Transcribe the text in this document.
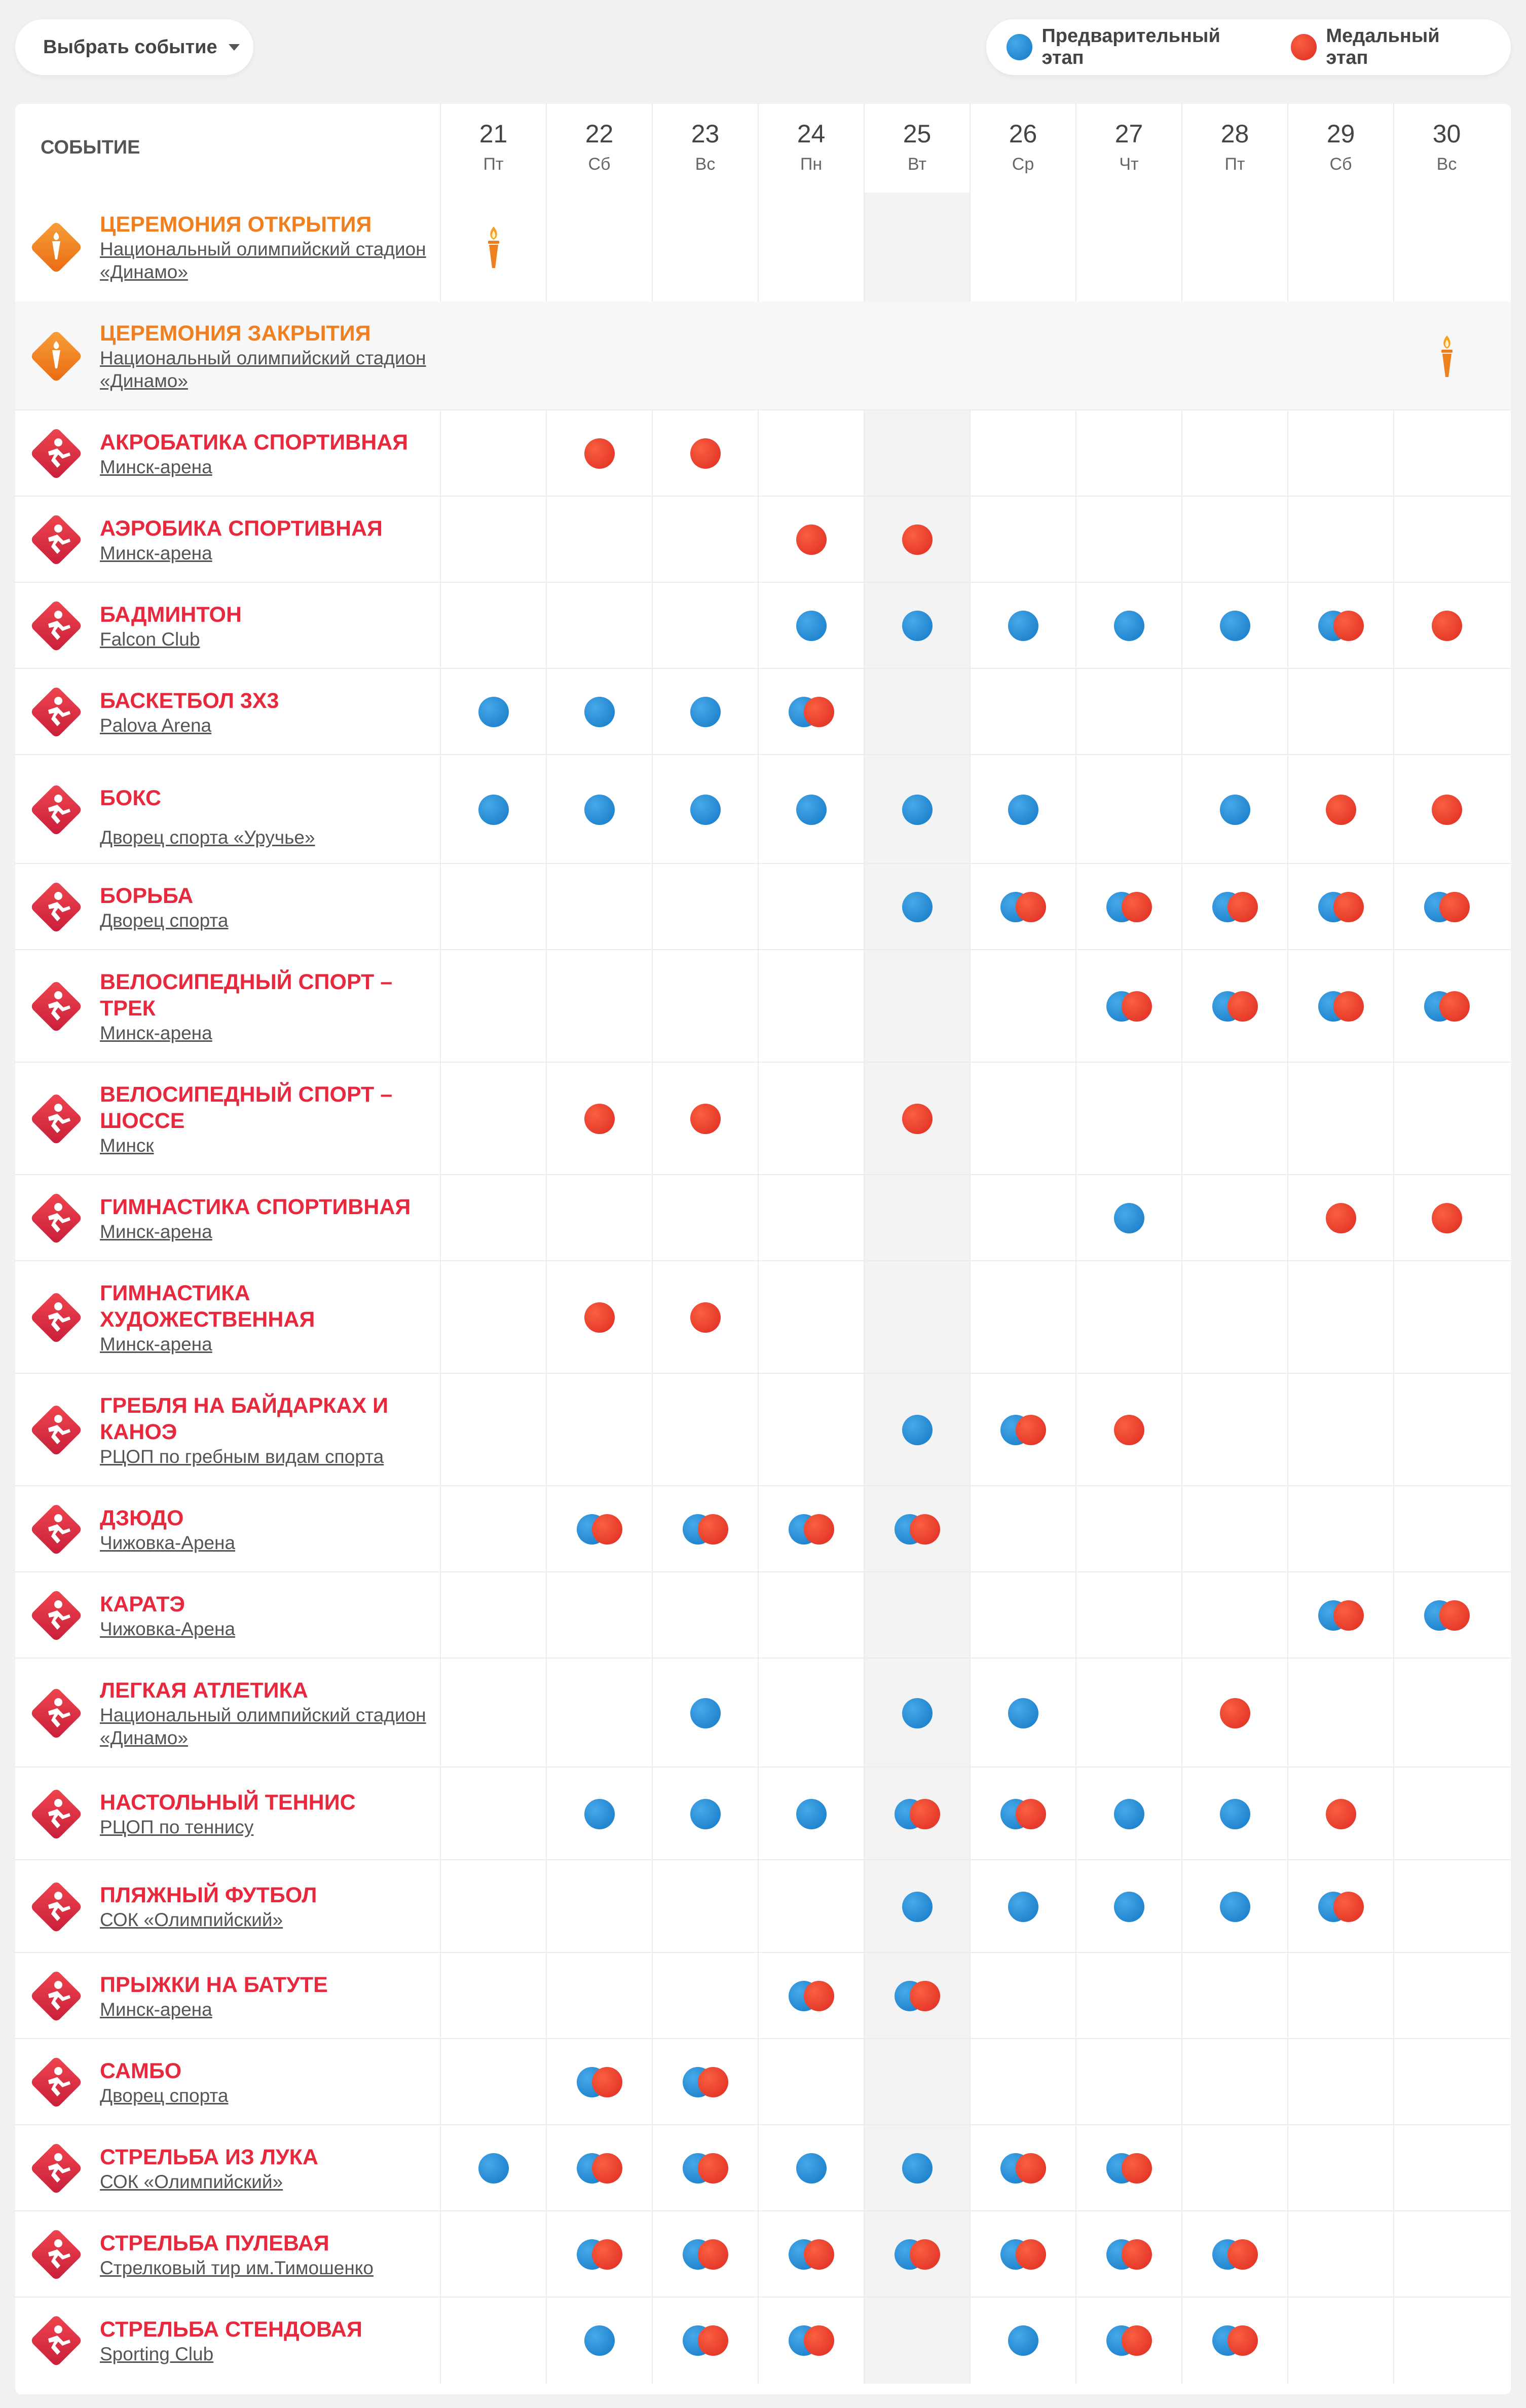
Выбрать событие
Предварительный этап
Медальный этап
СОБЫТИЕ	21
Пт
22
Сб
23
Вс
24
Пн
25
Вт
26
Ср
27
Чт
28
Пт
29
Сб
30
Вс
ЦЕРЕМОНИЯ ОТКРЫТИЯ
Национальный олимпийский стадион «Динамо»
ЦЕРЕМОНИЯ ЗАКРЫТИЯ
Национальный олимпийский стадион «Динамо»
АКРОБАТИКА СПОРТИВНАЯ
Минск-арена
АЭРОБИКА СПОРТИВНАЯ
Минск-арена
БАДМИНТОН
Falcon Club
БАСКЕТБОЛ 3Х3
Palova Arena
БОКС
Дворец спорта «Уручье»
БОРЬБА
Дворец спорта
ВЕЛОСИПЕДНЫЙ СПОРТ – ТРЕК
Минск-арена
ВЕЛОСИПЕДНЫЙ СПОРТ – ШОССЕ
Минск
ГИМНАСТИКА СПОРТИВНАЯ
Минск-арена
ГИМНАСТИКА ХУДОЖЕСТВЕННАЯ
Минск-арена
ГРЕБЛЯ НА БАЙДАРКАХ И КАНОЭ
РЦОП по гребным видам спорта
ДЗЮДО
Чижовка-Арена
КАРАТЭ
Чижовка-Арена
ЛЕГКАЯ АТЛЕТИКА
Национальный олимпийский стадион «Динамо»
НАСТОЛЬНЫЙ ТЕННИС
РЦОП по теннису
ПЛЯЖНЫЙ ФУТБОЛ
СОК «Олимпийский»
ПРЫЖКИ НА БАТУТЕ
Минск-арена
САМБО
Дворец спорта
СТРЕЛЬБА ИЗ ЛУКА
СОК «Олимпийский»
СТРЕЛЬБА ПУЛЕВАЯ
Стрелковый тир им.Тимошенко
СТРЕЛЬБА СТЕНДОВАЯ
Sporting Club
